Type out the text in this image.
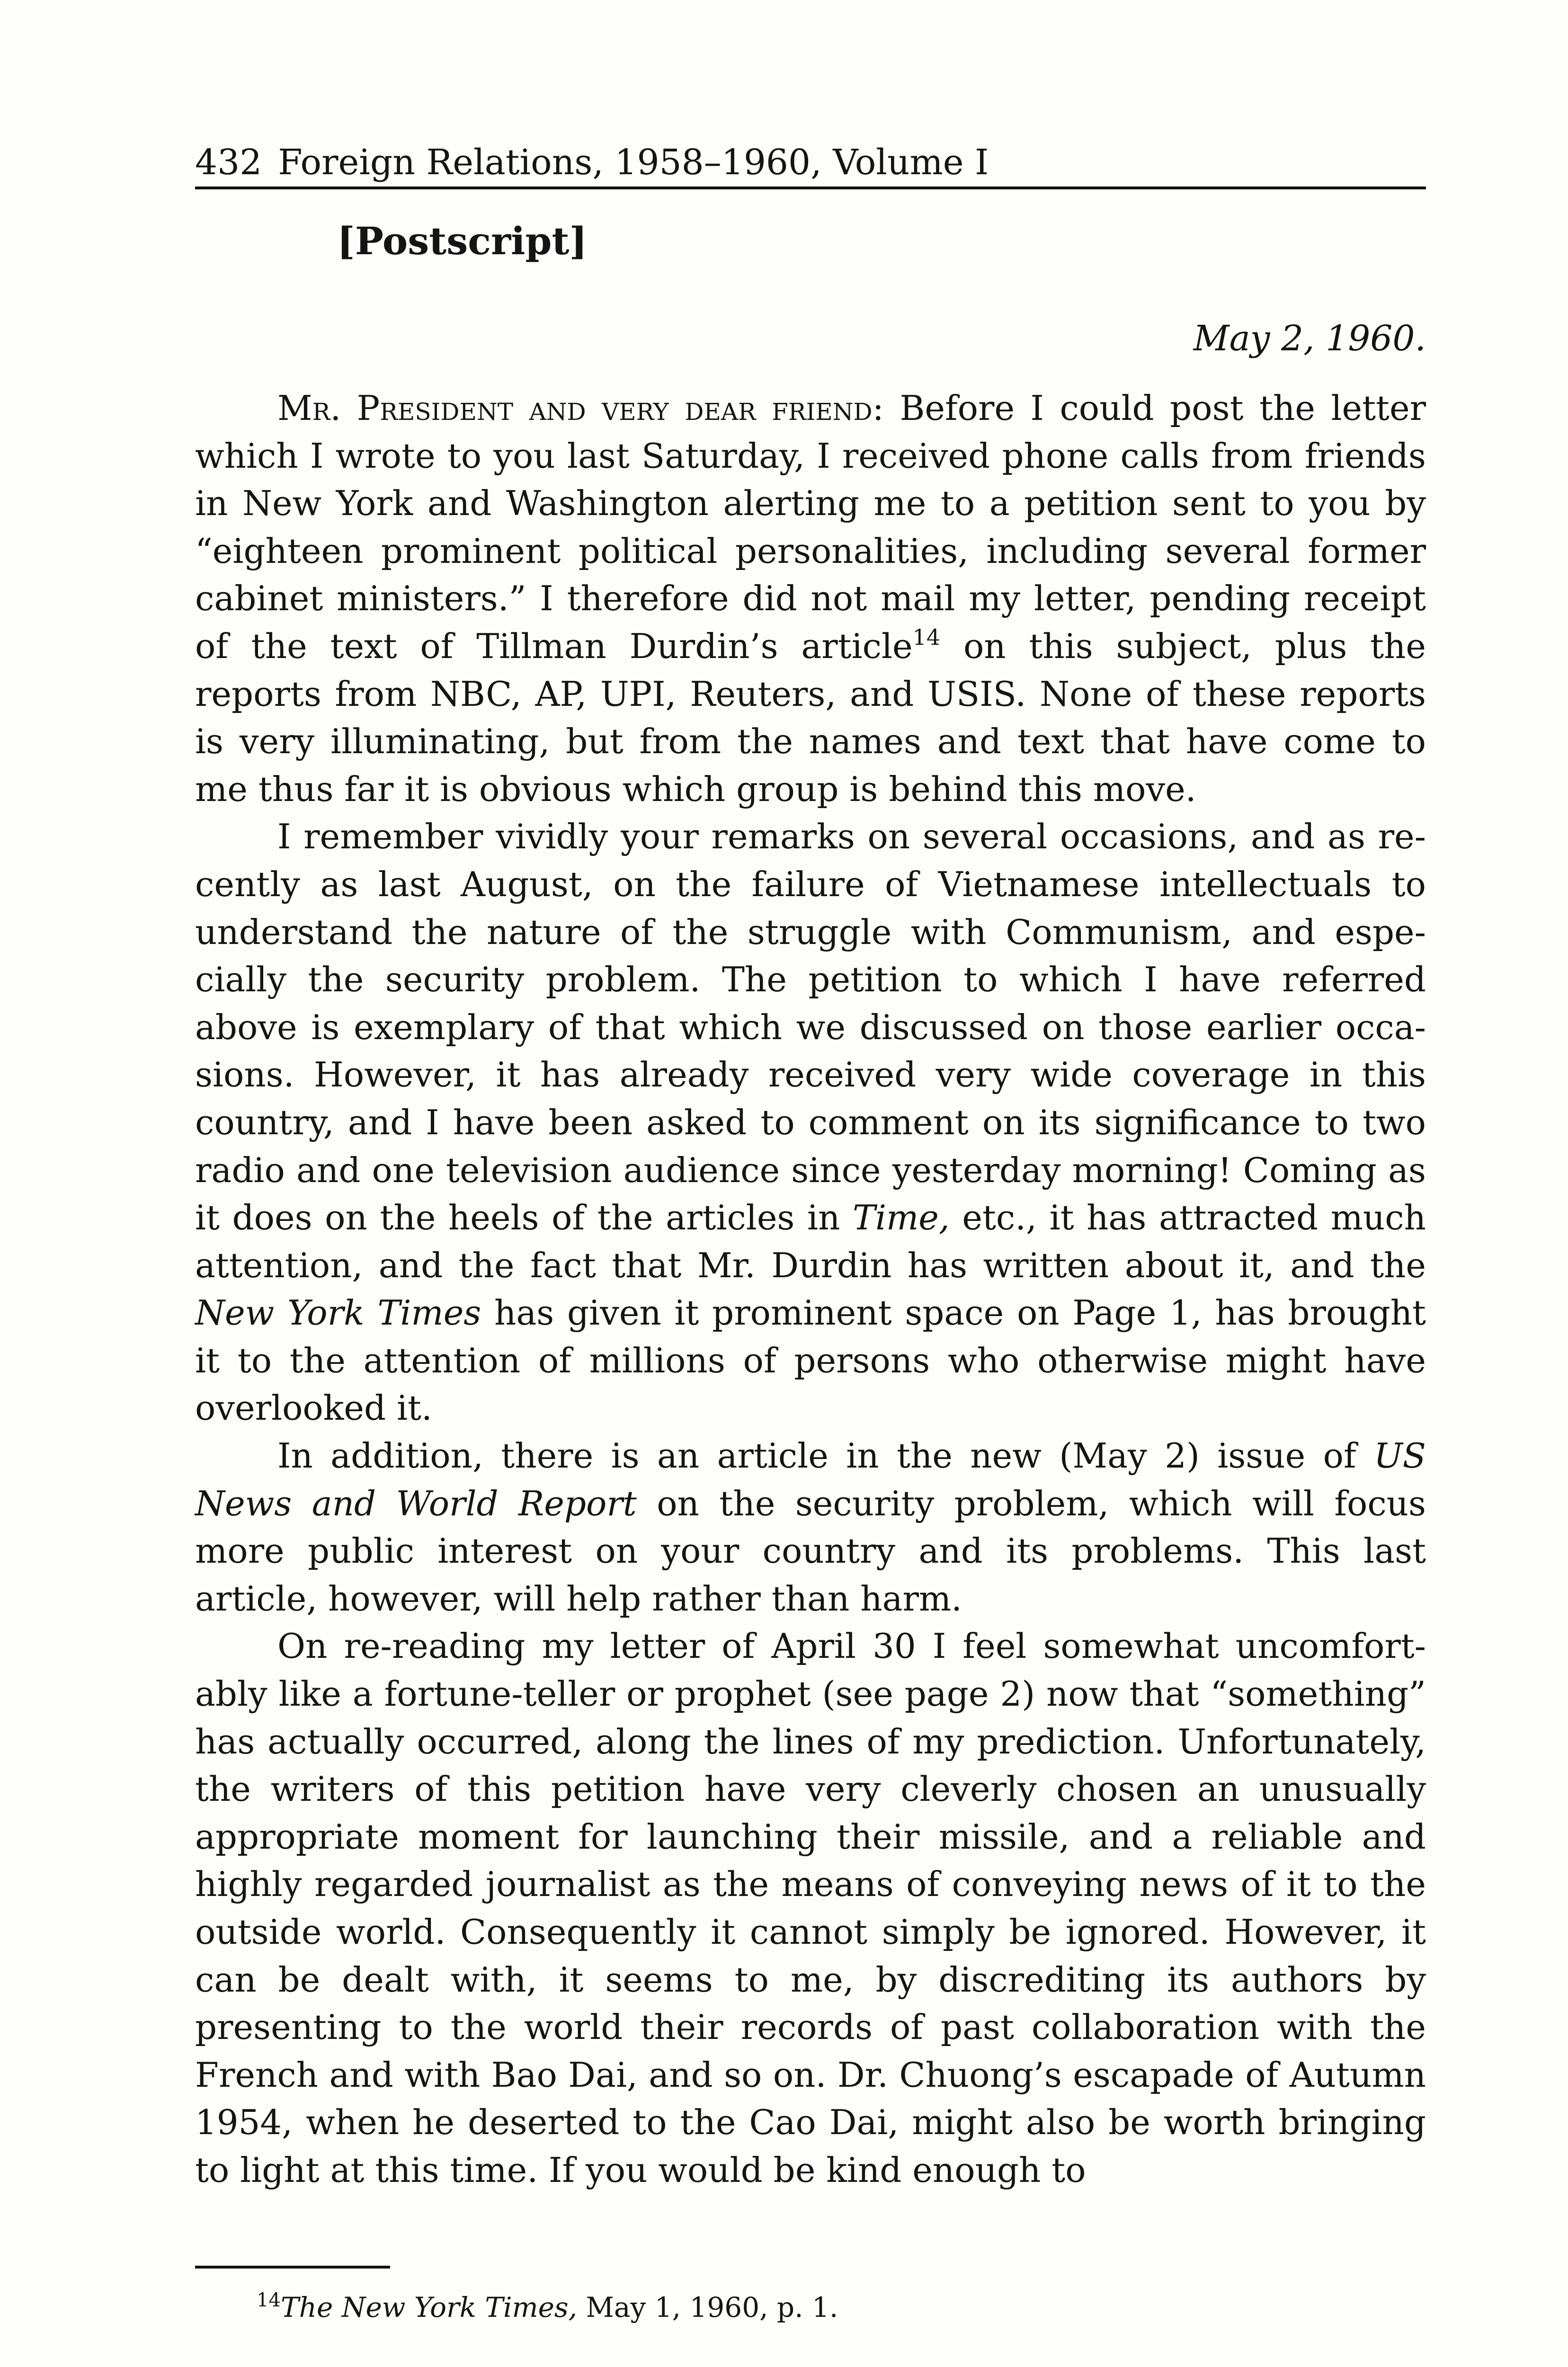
432 Foreign Relations, 1958–1960, Volume I
[Postscript]
May 2, 1960.

Mr. President and very dear friend: Before I could post the letter which I wrote to you last Saturday, I received phone calls from friends in New York and Washington alerting me to a petition sent to you by “eighteen prominent political personalities, including several former cabinet ministers.” I therefore did not mail my letter, pending receipt of the text of Tillman Durdin’s article$^{14}$ on this subject, plus the reports from NBC, AP, UPI, Reuters, and USIS. None of these reports is very illuminating, but from the names and text that have come to me thus far it is obvious which group is behind this move.

I remember vividly your remarks on several occasions, and as recently as last August, on the failure of Vietnamese intellectuals to understand the nature of the struggle with Communism, and especially the security problem. The petition to which I have referred above is exemplary of that which we discussed on those earlier occasions. However, it has already received very wide coverage in this country, and I have been asked to comment on its significance to two radio and one television audience since yesterday morning! Coming as it does on the heels of the articles in Time, etc., it has attracted much attention, and the fact that Mr. Durdin has written about it, and the New York Times has given it prominent space on Page 1, has brought it to the attention of millions of persons who otherwise might have overlooked it.

In addition, there is an article in the new (May 2) issue of US News and World Report on the security problem, which will focus more public interest on your country and its problems. This last article, however, will help rather than harm.

On re-reading my letter of April 30 I feel somewhat uncomfortably like a fortune-teller or prophet (see page 2) now that “something” has actually occurred, along the lines of my prediction. Unfortunately, the writers of this petition have very cleverly chosen an unusually appropriate moment for launching their missile, and a reliable and highly regarded journalist as the means of conveying news of it to the outside world. Consequently it cannot simply be ignored. However, it can be dealt with, it seems to me, by discrediting its authors by presenting to the world their records of past collaboration with the French and with Bao Dai, and so on. Dr. Chuong’s escapade of Autumn 1954, when he deserted to the Cao Dai, might also be worth bringing to light at this time. If you would be kind enough to

$^{14}$The New York Times, May 1, 1960, p. 1.
